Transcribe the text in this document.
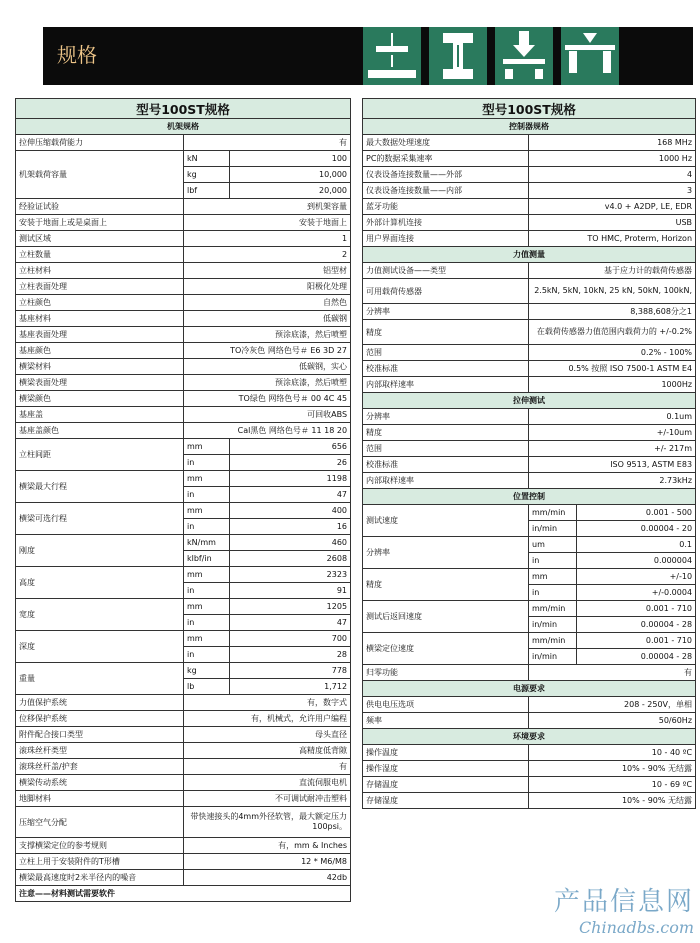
规格
型号100ST规格		
机架规格		
拉伸压缩载荷能力	有	
机架载荷容量	kN	100
	kg	10,000
	lbf	20,000
经验证试验	到机架容量	
安装于地面上或是桌面上	安装于地面上	
测试区域	1	
立柱数量	2	
立柱材料	铝型材	
立柱表面处理	阳极化处理	
立柱颜色	自然色	
基座材料	低碳钢	
基座表面处理	预涂底漆，然后喷塑	
基座颜色	TO冷灰色 网络色号＃ E6 3D 27	
横梁材料	低碳钢，实心	
横梁表面处理	预涂底漆，然后喷塑	
横梁颜色	TO绿色 网络色号＃ 00 4C 45	
基座盖	可回收ABS	
基座盖颜色	Cal黑色 网络色号＃ 11 18 20	
立柱间距	mm	656
	in	26
横梁最大行程	mm	1198
	in	47
横梁可选行程	mm	400
	in	16
刚度	kN/mm	460
	klbf/in	2608
高度	mm	2323
	in	91
宽度	mm	1205
	in	47
深度	mm	700
	in	28
重量	kg	778
	lb	1,712
力值保护系统	有，数字式	
位移保护系统	有，机械式，允许用户编程	
附件配合接口类型	母头直径	
滚珠丝杆类型	高精度低背隙	
滚珠丝杆盖/护套	有	
横梁传动系统	直流伺服电机	
地脚材料	不可调试耐冲击塑料	
压缩空气分配	带快速接头的4mm外径软管，最大额定压力100psi。	
支撑横梁定位的参考规则	有，mm & Inches	
立柱上用于安装附件的T形槽	12 * M6/M8	
横梁最高速度时2米半径内的噪音	42db	
注意——材料测试需要软件		
型号100ST规格		
控制器规格		
最大数据处理速度	168 MHz	
PC的数据采集速率	1000 Hz	
仪表设备连接数量——外部	4	
仪表设备连接数量——内部	3	
蓝牙功能	v4.0 + A2DP, LE, EDR	
外部计算机连接	USB	
用户界面连接	TO HMC, Proterm, Horizon	
力值测量		
力值测试设备——类型	基于应力计的载荷传感器	
可用载荷传感器	2.5kN, 5kN, 10kN, 25 kN, 50kN, 100kN,	
分辨率	8,388,608分之1	
精度	在载荷传感器力值范围内载荷力的 +/-0.2%	
范围	0.2% - 100%	
校准标准	0.5% 按照 ISO 7500-1 ASTM E4	
内部取样速率	1000Hz	
拉伸测试		
分辨率	0.1um	
精度	+/-10um	
范围	+/- 217m	
校准标准	ISO 9513, ASTM E83	
内部取样速率	2.73kHz	
位置控制		
测试速度	mm/min	0.001 - 500
	in/min	0.00004 - 20
分辨率	um	0.1
	in	0.000004
精度	mm	+/-10
	in	+/-0.0004
测试后返回速度	mm/min	0.001 - 710
	in/min	0.00004 - 28
横梁定位速度	mm/min	0.001 - 710
	in/min	0.00004 - 28
归零功能	有	
电源要求		
供电电压选项	208 - 250V，单相	
频率	50/60Hz	
环境要求		
操作温度	10 - 40 ºC	
操作湿度	10% - 90% 无结露	
存储温度	10 - 69 ºC	
存储湿度	10% - 90% 无结露	
产品信息网
Chinadbs.com
